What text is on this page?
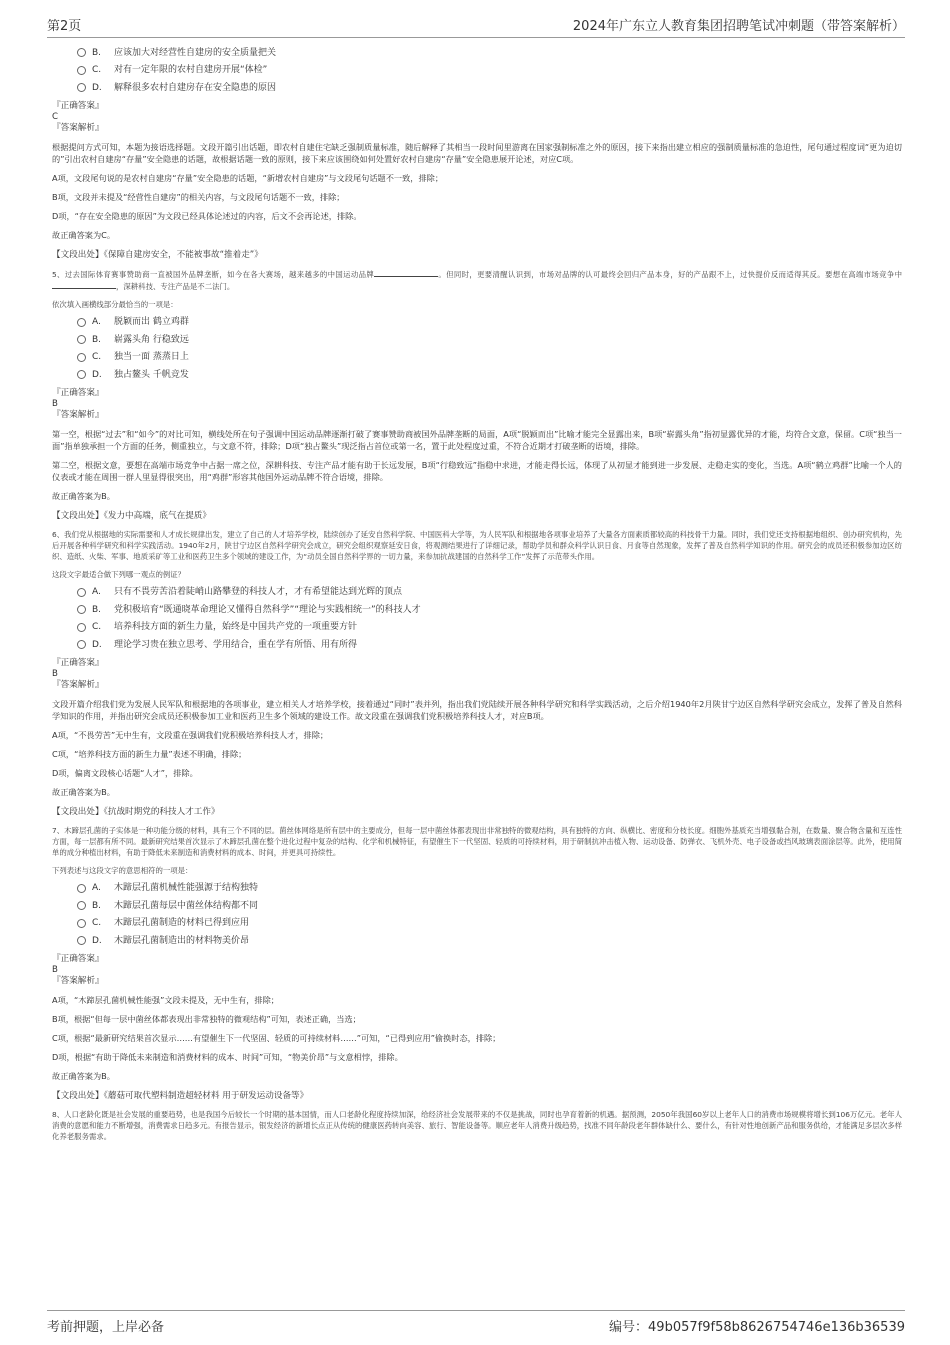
第2页	2024年广东立人教育集团招聘笔试冲刺题（带答案解析）
B.	应该加大对经营性自建房的安全质量把关
C.	对有一定年限的农村自建房开展“体检”
D.	解释很多农村自建房存在安全隐患的原因

『正确答案』

C

『答案解析』

根据提问方式可知，本题为接语选择题。文段开篇引出话题，即农村自建住宅缺乏强制质量标准，随后解释了其相当一段时间里游离在国家强制标准之外的原因，接下来指出建立相应的强制质量标准的急迫性，尾句通过程度词“更为迫切的”引出农村自建房“存量”安全隐患的话题，故根据话题一致的原则，接下来应该围绕如何处置好农村自建房“存量”安全隐患展开论述，对应C项。

A项，文段尾句说的是农村自建房“存量”安全隐患的话题，“新增农村自建房”与文段尾句话题不一致，排除；

B项，文段并未提及“经营性自建房”的相关内容，与文段尾句话题不一致，排除；

D项，“存在安全隐患的原因”为文段已经具体论述过的内容，后文不会再论述，排除。

故正确答案为C。

【文段出处】《保障自建房安全，不能被事故“推着走”》

5、过去国际体育赛事赞助商一直被国外品牌垄断，如今在各大赛场，越来越多的中国运动品牌	。但同时，更要清醒认识到，市场对品牌的认可最终会回归产品本身，好的产品跟不上，过快提价反而适得其反。要想在高端市场竞争中，深耕科技、专注产品是不二法门。

依次填入画横线部分最恰当的一项是：

A.	脱颖而出 鹤立鸡群
B.	崭露头角 行稳致远
C.	独当一面 蒸蒸日上
D.	独占鳌头 千帆竞发

『正确答案』

B

『答案解析』

第一空，根据“过去”和“如今”的对比可知，横线处所在句子强调中国运动品牌逐渐打破了赛事赞助商被国外品牌垄断的局面，A项“脱颖而出”比喻才能完全显露出来，B项“崭露头角”指初显露优异的才能，均符合文意，保留。C项“独当一面”指单独承担一个方面的任务，侧重独立，与文意不符，排除；D项“独占鳌头”现泛指占首位或第一名，置于此处程度过重，不符合近期才打破垄断的语境，排除。

第二空，根据文意，要想在高端市场竞争中占据一席之位，深耕科技、专注产品才能有助于长远发展，B项“行稳致远”指稳中求进，才能走得长远，体现了从初显才能到进一步发展、走稳走实的变化，当选。A项“鹤立鸡群”比喻一个人的仪表或才能在周围一群人里显得很突出，用“鸡群”形容其他国外运动品牌不符合语境，排除。

故正确答案为B。

【文段出处】《发力中高端，底气在提质》

6、我们党从根据地的实际需要和人才成长规律出发，建立了自己的人才培养学校，陆续创办了延安自然科学院、中国医科大学等，为人民军队和根据地各项事业培养了大量各方面素质都较高的科技骨干力量。同时，我们党还支持根据地组织、创办研究机构，先后开展各种科学研究和科学实践活动。1940年2月，陕甘宁边区自然科学研究会成立，研究会组织观察延安日食，将观测结果进行了详细记录，帮助学员和群众科学认识日食、月食等自然现象，发挥了普及自然科学知识的作用。研究会的成员还积极参加边区纺织、造纸、火柴、军事、地质采矿等工业和医药卫生多个领域的建设工作，为“动员全国自然科学界的一切力量，来参加抗战建国的自然科学工作”发挥了示范带头作用。

这段文字最适合做下列哪一观点的例证？

A.	只有不畏劳苦沿着陡峭山路攀登的科技人才，才有希望能达到光辉的顶点
B.	党积极培育“既通晓革命理论又懂得自然科学”“理论与实践相统一”的科技人才
C.	培养科技方面的新生力量，始终是中国共产党的一项重要方针
D.	理论学习贵在独立思考、学用结合，重在学有所悟、用有所得

『正确答案』

B

『答案解析』

文段开篇介绍我们党为发展人民军队和根据地的各项事业，建立相关人才培养学校，接着通过“同时”表并列，指出我们党陆续开展各种科学研究和科学实践活动，之后介绍1940年2月陕甘宁边区自然科学研究会成立，发挥了普及自然科学知识的作用，并指出研究会成员还积极参加工业和医药卫生多个领域的建设工作。故文段重在强调我们党积极培养科技人才，对应B项。

A项，“不畏劳苦”无中生有，文段重在强调我们党积极培养科技人才，排除；

C项，“培养科技方面的新生力量”表述不明确，排除；

D项，偏离文段核心话题“人才”，排除。

故正确答案为B。

【文段出处】《抗战时期党的科技人才工作》

7、木蹄层孔菌的子实体是一种功能分级的材料，具有三个不同的层。菌丝体网络是所有层中的主要成分，但每一层中菌丝体都表现出非常独特的微观结构，具有独特的方向、纵横比、密度和分枝长度。细胞外基质充当增强黏合剂，在数量、聚合物含量和互连性方面，每一层都有所不同。最新研究结果首次显示了木蹄层孔菌在整个进化过程中复杂的结构、化学和机械特征，有望催生下一代坚固、轻质的可持续材料，用于研制抗冲击植入物、运动设备、防弹衣、飞机外壳、电子设备或挡风玻璃表面涂层等。此外，使用简单的成分种植出材料，有助于降低未来制造和消费材料的成本、时间，并更具可持续性。

下列表述与这段文字的意思相符的一项是：

A.	木蹄层孔菌机械性能强源于结构独特
B.	木蹄层孔菌每层中菌丝体结构都不同
C.	木蹄层孔菌制造的材料已得到应用
D.	木蹄层孔菌制造出的材料物美价昂

『正确答案』

B

『答案解析』

A项，“木蹄层孔菌机械性能强”文段未提及，无中生有，排除；

B项，根据“但每一层中菌丝体都表现出非常独特的微观结构”可知，表述正确，当选；

C项，根据“最新研究结果首次显示……有望催生下一代坚固、轻质的可持续材料……”可知，“已得到应用”偷换时态，排除；

D项，根据“有助于降低未来制造和消费材料的成本、时间”可知，“物美价昂”与文意相悖，排除。

故正确答案为B。

【文段出处】《蘑菇可取代塑料制造超轻材料 用于研发运动设备等》

8、人口老龄化既是社会发展的重要趋势，也是我国今后较长一个时期的基本国情，而人口老龄化程度持续加深，给经济社会发展带来的不仅是挑战，同时也孕育着新的机遇。据预测，2050年我国60岁以上老年人口的消费市场规模将增长到106万亿元。老年人消费的意愿和能力不断增强，消费需求日趋多元。有报告显示，银发经济的新增长点正从传统的健康医药转向美容、旅行、智能设备等。顺应老年人消费升级趋势，找准不同年龄段老年群体缺什么、要什么，有针对性地创新产品和服务供给，才能满足多层次多样化养老服务需求。

考前押题，上岸必备	编号：49b057f9f58b8626754746e136b36539
